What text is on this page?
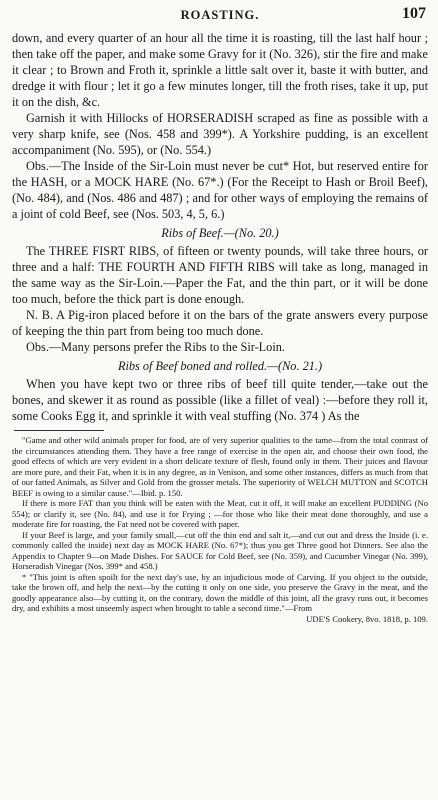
ROASTING.	107

down, and every quarter of an hour all the time it is roasting, till the last half hour ; then take off the paper, and make some Gravy for it (No. 326), stir the fire and make it clear ; to Brown and Froth it, sprinkle a little salt over it, baste it with butter, and dredge it with flour ; let it go a few minutes longer, till the froth rises, take it up, put it on the dish, &c.

Garnish it with Hillocks of HORSERADISH scraped as fine as possible with a very sharp knife, see (Nos. 458 and 399*). A Yorkshire pudding, is an excellent accompaniment (No. 595), or (No. 554.)

Obs.—The Inside of the Sir-Loin must never be cut* Hot, but reserved entire for the HASH, or a MOCK HARE (No. 67*.) (For the Receipt to Hash or Broil Beef), (No. 484), and (Nos. 486 and 487) ; and for other ways of employing the remains of a joint of cold Beef, see (Nos. 503, 4, 5, 6.)

Ribs of Beef.—(No. 20.)

The THREE FISRT RIBS, of fifteen or twenty pounds, will take three hours, or three and a half: THE FOURTH AND FIFTH RIBS will take as long, managed in the same way as the Sir-Loin.—Paper the Fat, and the thin part, or it will be done too much, before the thick part is done enough.

N. B. A Pig-iron placed before it on the bars of the grate answers every purpose of keeping the thin part from being too much done.

Obs.—Many persons prefer the Ribs to the Sir-Loin.

Ribs of Beef boned and rolled.—(No. 21.)

When you have kept two or three ribs of beef till quite tender,—take out the bones, and skewer it as round as possible (like a fillet of veal) :—before they roll it, some Cooks Egg it, and sprinkle it with veal stuffing (No. 374 ) As the

"Game and other wild animals proper for food, are of very superior qualities to the tame—from the total contrast of the circumstances attending them. They have a free range of exercise in the open air, and choose their own food, the good effects of which are very evident in a short delicate texture of flesh, found only in them. Their juices and flavour are more pure, and their Fat, when it is in any degree, as in Venison, and some other instances, differs as much from that of our fatted Animals, as Silver and Gold from the grosser metals. The superiority of WELCH MUTTON and SCOTCH BEEF is owing to a similar cause."—Ibid. p. 150.

If there is more FAT than you think will be eaten with the Meat, cut it off, it will make an excellent PUDDING (No 554); or clarify it, see (No. 84), and use it for Frying ; —for those who like their meat done thoroughly, and use a moderate fire for roasting, the Fat need not be covered with paper.

If your Beef is large, and your family small,—cut off the thin end and salt it,—and cut out and dress the Inside (i. e. commonly called the inside) next day as MOCK HARE (No. 67*); thus you get Three good hot Dinners. See also the Appendix to Chapter 9—on Made Dishes. For SAUCE for Cold Beef, see (No. 359), and Cucumber Vinegar (No. 399), Horseradish Vinegar (Nos. 399* and 458.)

* "This joint is often spoilt for the next day's use, by an injudicious mode of Carving. If you object to the outside, take the brown off, and help the next—by the cutting it only on one side, you preserve the Gravy in the meat, and the goodly appearance also—by cutting it, on the contrary, down the middle of this joint, all the gravy runs out, it becomes dry, and exhibits a most unseemly aspect when brought to table a second time."—From

UDE'S Cookery, 8vo. 1818, p. 109.
